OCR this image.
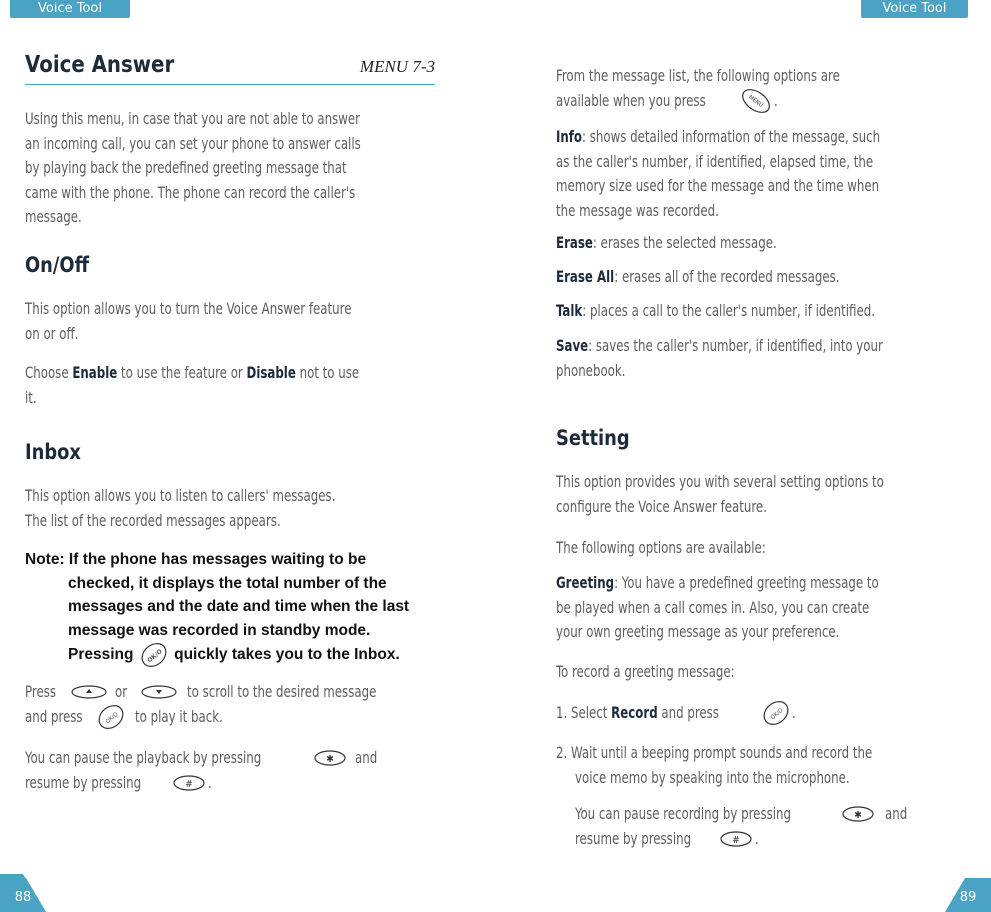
Voice Tool	Voice Tool
88	89
Voice Answer	MENU 7-3
Using this menu, in case that you are not able to answer
an incoming call, you can set your phone to answer calls
by playing back the predefined greeting message that
came with the phone. The phone can record the caller's
message.
On/Off
This option allows you to turn the Voice Answer feature
on or off.
Choose Enable to use the feature or Disable not to use
it.
Inbox
This option allows you to listen to callers' messages.
The list of the recorded messages appears.
Note: If the phone has messages waiting to be
checked, it displays the total number of the
messages and the date and time when the last
message was recorded in standby mode.
Pressing OK/O quickly takes you to the Inbox.
Press	or	to scroll to the desired message
and press	OK/O to play it back.
You can pause the playback by pressing	✱ and
resume by pressing	# .
From the message list, the following options are
available when you press	MENU .
Info: shows detailed information of the message, such
as the caller's number, if identified, elapsed time, the
memory size used for the message and the time when
the message was recorded.
Erase: erases the selected message.
Erase All: erases all of the recorded messages.
Talk: places a call to the caller's number, if identified.
Save: saves the caller's number, if identified, into your
phonebook.
Setting
This option provides you with several setting options to
configure the Voice Answer feature.
The following options are available:
Greeting: You have a predefined greeting message to
be played when a call comes in. Also, you can create
your own greeting message as your preference.
To record a greeting message:
1. Select Record and press	OK/O .
2. Wait until a beeping prompt sounds and record the
voice memo by speaking into the microphone.
You can pause recording by pressing	✱ and
resume by pressing	# .
